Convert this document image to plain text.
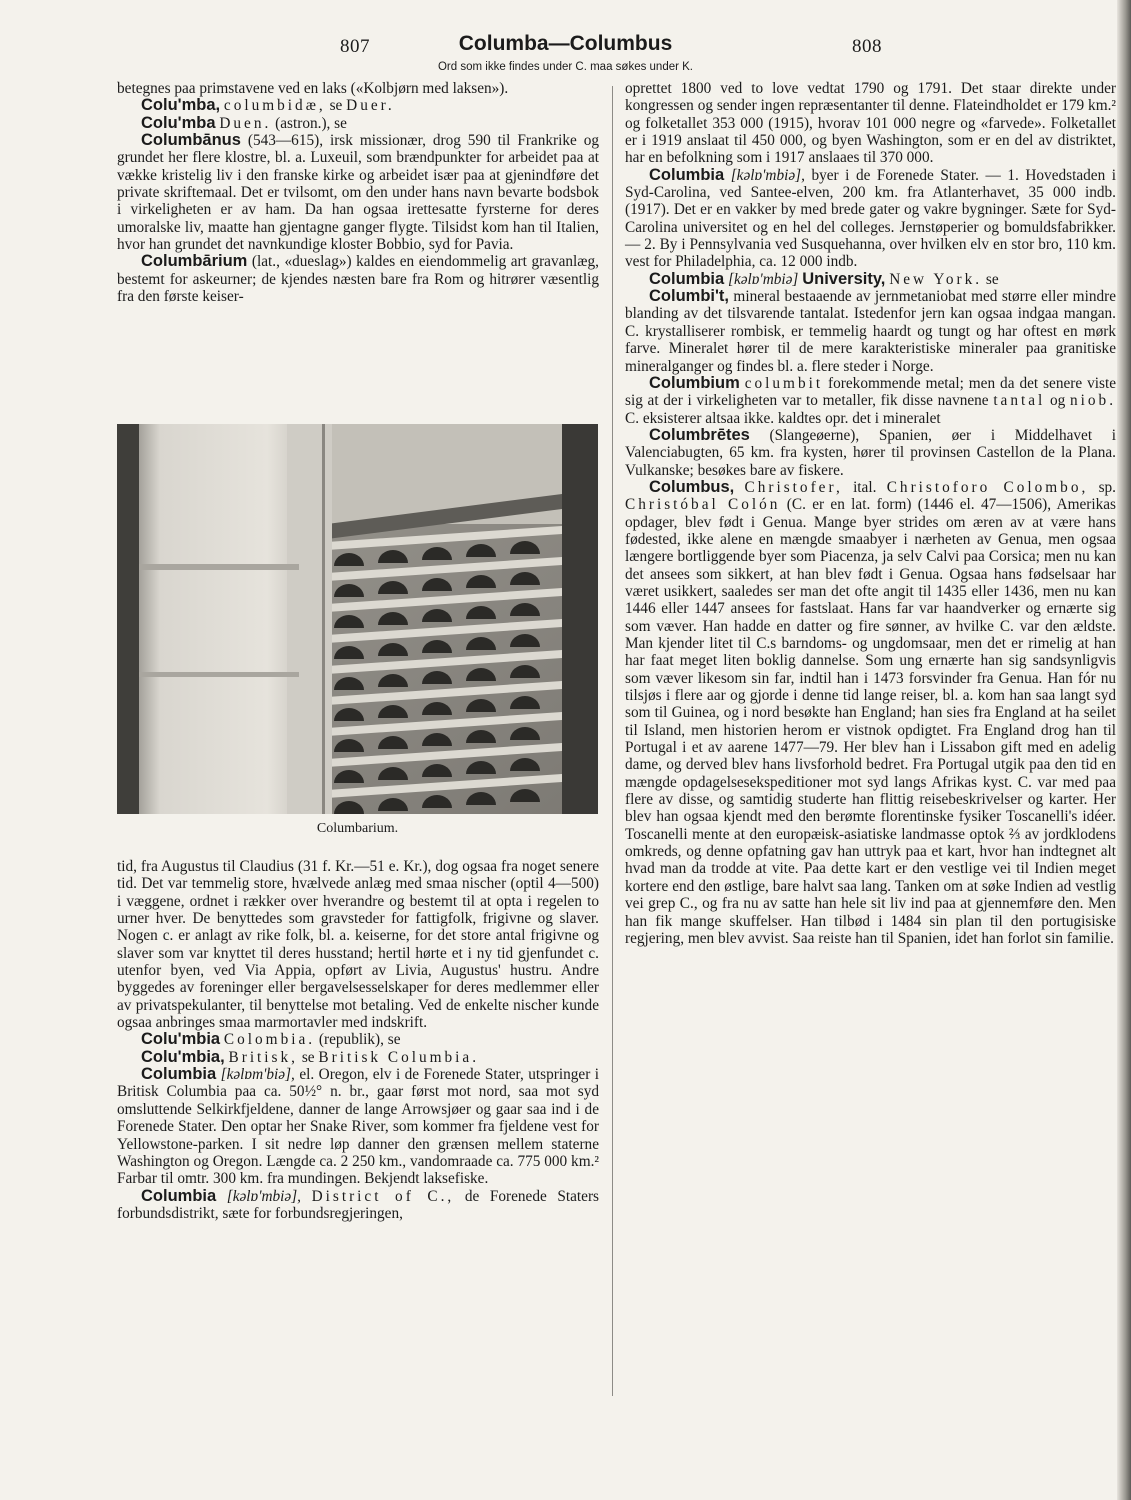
807	Columba—Columbus	808
Ord som ikke findes under C. maa søkes under K.

betegnes paa primstavene ved en laks («Kolbjørn med laksen»).

Colu'mba, columbidæ, se Duer.

Colu'mba Duen. (astron.), se

Columbānus (543—615), irsk missionær, drog 590 til Frankrike og grundet her flere klostre, bl. a. Luxeuil, som brændpunkter for arbeidet paa at vække kristelig liv i den franske kirke og arbeidet især paa at gjenindføre det private skriftemaal. Det er tvilsomt, om den under hans navn bevarte bodsbok i virkeligheten er av ham. Da han ogsaa irettesatte fyrsterne for deres umoralske liv, maatte han gjentagne ganger flygte. Tilsidst kom han til Italien, hvor han grundet det navnkundige kloster Bobbio, syd for Pavia.

Columbārium (lat., «dueslag») kaldes en eiendommelig art gravanlæg, bestemt for askeurner; de kjendes næsten bare fra Rom og hitrører væsentlig fra den første keiser-

Columbarium.

tid, fra Augustus til Claudius (31 f. Kr.—51 e. Kr.), dog ogsaa fra noget senere tid. Det var temmelig store, hvælvede anlæg med smaa nischer (optil 4—500) i væggene, ordnet i rækker over hverandre og bestemt til at opta i regelen to urner hver. De benyttedes som gravsteder for fattigfolk, frigivne og slaver. Nogen c. er anlagt av rike folk, bl. a. keiserne, for det store antal frigivne og slaver som var knyttet til deres husstand; hertil hørte et i ny tid gjenfundet c. utenfor byen, ved Via Appia, opført av Livia, Augustus' hustru. Andre byggedes av foreninger eller bergavelsesselskaper for deres medlemmer eller av privatspekulanter, til benyttelse mot betaling. Ved de enkelte nischer kunde ogsaa anbringes smaa marmortavler med indskrift.

Colu'mbia Colombia. (republik), se

Colu'mbia, Britisk, se Britisk Columbia.

Columbia [kəlɒm'biə], el. Oregon, elv i de Forenede Stater, utspringer i Britisk Columbia paa ca. 50½° n. br., gaar først mot nord, saa mot syd omsluttende Selkirkfjeldene, danner de lange Arrowsjøer og gaar saa ind i de Forenede Stater. Den optar her Snake River, som kommer fra fjeldene vest for Yellowstone-parken. I sit nedre løp danner den grænsen mellem staterne Washington og Oregon. Længde ca. 2 250 km., vandomraade ca. 775 000 km.² Farbar til omtr. 300 km. fra mundingen. Bekjendt laksefiske.

Columbia [kəlɒ'mbiə], District of C., de Forenede Staters forbundsdistrikt, sæte for forbundsregjeringen,

oprettet 1800 ved to love vedtat 1790 og 1791. Det staar direkte under kongressen og sender ingen repræsentanter til denne. Flateindholdet er 179 km.² og folketallet 353 000 (1915), hvorav 101 000 negre og «farvede». Folketallet er i 1919 anslaat til 450 000, og byen Washington, som er en del av distriktet, har en befolkning som i 1917 anslaaes til 370 000.

Columbia [kəlɒ'mbiə], byer i de Forenede Stater. — 1. Hovedstaden i Syd-Carolina, ved Santee-elven, 200 km. fra Atlanterhavet, 35 000 indb. (1917). Det er en vakker by med brede gater og vakre bygninger. Sæte for Syd-Carolina universitet og en hel del colleges. Jernstøperier og bomuldsfabrikker. — 2. By i Pennsylvania ved Susquehanna, over hvilken elv en stor bro, 110 km. vest for Philadelphia, ca. 12 000 indb.

Columbia [kəlɒ'mbiə] University, New York. se

Columbi't, mineral bestaaende av jernmetaniobat med større eller mindre blanding av det tilsvarende tantalat. Istedenfor jern kan ogsaa indgaa mangan. C. krystalliserer rombisk, er temmelig haardt og tungt og har oftest en mørk farve. Mineralet hører til de mere karakteristiske mineraler paa granitiske mineralganger og findes bl. a. flere steder i Norge.

Columbium columbit forekommende metal; men da det senere viste sig at der i virkeligheten var to metaller, fik disse navnene tantal og niob. C. eksisterer altsaa ikke. kaldtes opr. det i mineralet

Columbrētes (Slangeøerne), Spanien, øer i Middelhavet i Valenciabugten, 65 km. fra kysten, hører til provinsen Castellon de la Plana. Vulkanske; besøkes bare av fiskere.

Columbus, Christofer, ital. Christoforo Colombo, sp. Christóbal Colón (C. er en lat. form) (1446 el. 47—1506), Amerikas opdager, blev født i Genua. Mange byer strides om æren av at være hans fødested, ikke alene en mængde smaabyer i nærheten av Genua, men ogsaa længere bortliggende byer som Piacenza, ja selv Calvi paa Corsica; men nu kan det ansees som sikkert, at han blev født i Genua. Ogsaa hans fødselsaar har været usikkert, saaledes ser man det ofte angit til 1435 eller 1436, men nu kan 1446 eller 1447 ansees for fastslaat. Hans far var haandverker og ernærte sig som væver. Han hadde en datter og fire sønner, av hvilke C. var den ældste. Man kjender litet til C.s barndoms- og ungdomsaar, men det er rimelig at han har faat meget liten boklig dannelse. Som ung ernærte han sig sandsynligvis som væver likesom sin far, indtil han i 1473 forsvinder fra Genua. Han fór nu tilsjøs i flere aar og gjorde i denne tid lange reiser, bl. a. kom han saa langt syd som til Guinea, og i nord besøkte han England; han sies fra England at ha seilet til Island, men historien herom er vistnok opdigtet. Fra England drog han til Portugal i et av aarene 1477—79. Her blev han i Lissabon gift med en adelig dame, og derved blev hans livsforhold bedret. Fra Portugal utgik paa den tid en mængde opdagelsesekspeditioner mot syd langs Afrikas kyst. C. var med paa flere av disse, og samtidig studerte han flittig reisebeskrivelser og karter. Her blev han ogsaa kjendt med den berømte florentinske fysiker Toscanelli's idéer. Toscanelli mente at den europæisk-asiatiske landmasse optok ⅔ av jordklodens omkreds, og denne opfatning gav han uttryk paa et kart, hvor han indtegnet alt hvad man da trodde at vite. Paa dette kart er den vestlige vei til Indien meget kortere end den østlige, bare halvt saa lang. Tanken om at søke Indien ad vestlig vei grep C., og fra nu av satte han hele sit liv ind paa at gjennemføre den. Men han fik mange skuffelser. Han tilbød i 1484 sin plan til den portugisiske regjering, men blev avvist. Saa reiste han til Spanien, idet han forlot sin familie.
